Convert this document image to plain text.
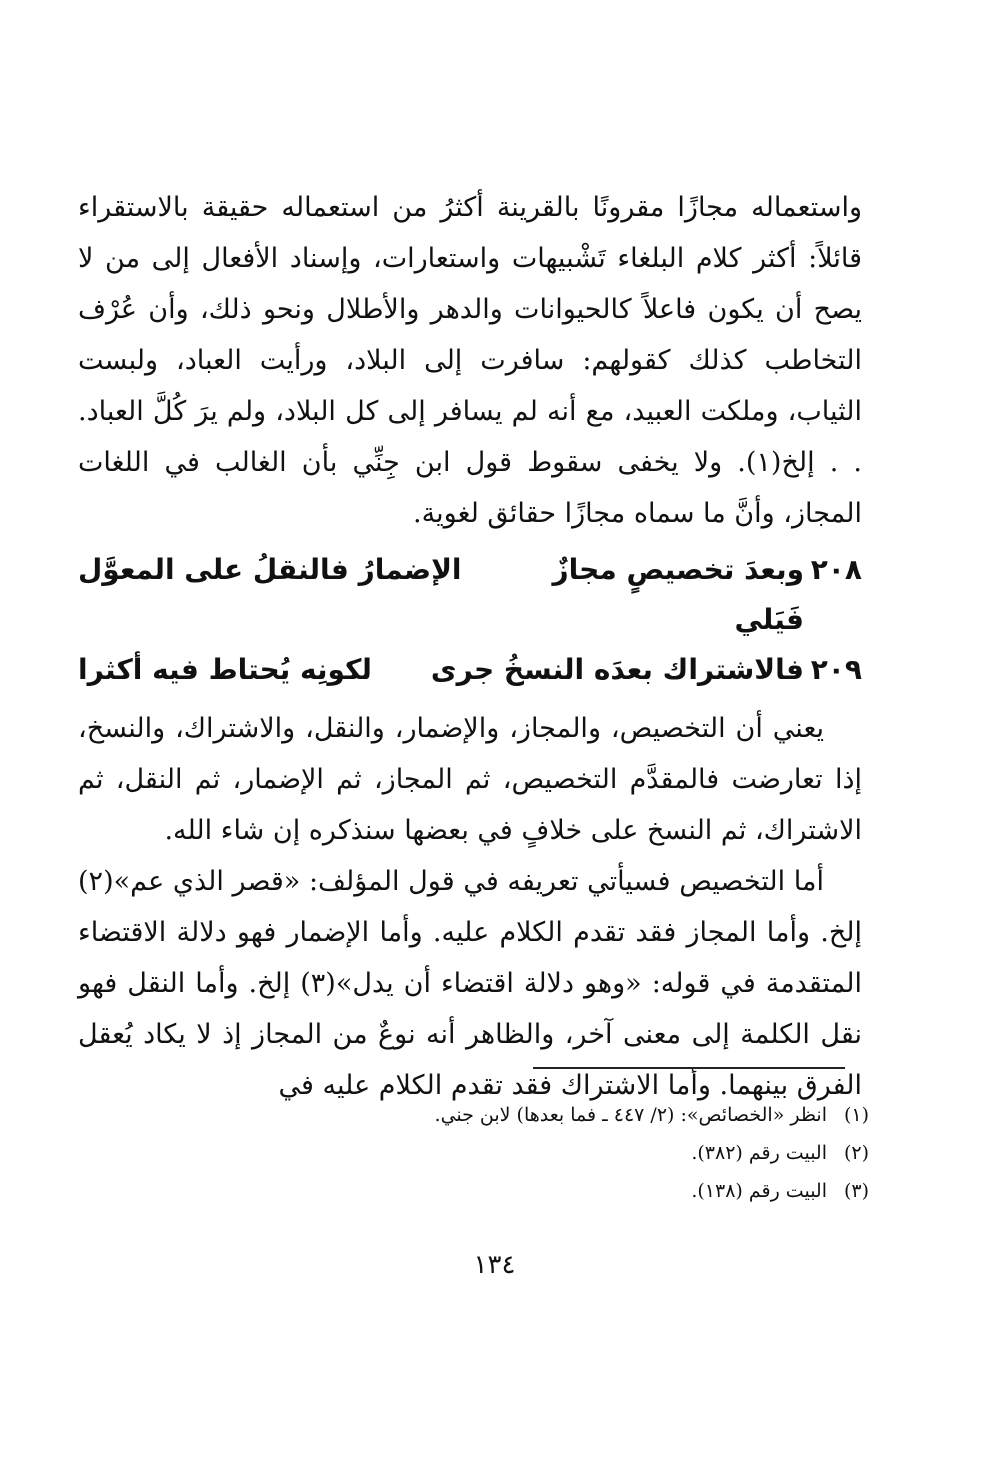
واستعماله مجازًا مقرونًا بالقرينة أكثرُ من استعماله حقيقة بالاستقراء قائلاً: أكثر كلام البلغاء تَشْبيهات واستعارات، وإسناد الأفعال إلى من لا يصح أن يكون فاعلاً كالحيوانات والدهر والأطلال ونحو ذلك، وأن عُرْف التخاطب كذلك كقولهم: سافرت إلى البلاد، ورأيت العباد، ولبست الثياب، وملكت العبيد، مع أنه لم يسافر إلى كل البلاد، ولم يرَ كُلَّ العباد. . . إلخ(١). ولا يخفى سقوط قول ابن جِنِّي بأن الغالب في اللغات المجاز، وأنَّ ما سماه مجازًا حقائق لغوية.

٢٠٨
وبعدَ تخصيصٍ مجازٌ فَيَلي
الإضمارُ فالنقلُ على المعوَّل
٢٠٩
فالاشتراك بعدَه النسخُ جرى
لكونِه يُحتاط فيه أكثرا

يعني أن التخصيص، والمجاز، والإضمار، والنقل، والاشتراك، والنسخ، إذا تعارضت فالمقدَّم التخصيص، ثم المجاز، ثم الإضمار، ثم النقل، ثم الاشتراك، ثم النسخ على خلافٍ في بعضها سنذكره إن شاء الله.

أما التخصيص فسيأتي تعريفه في قول المؤلف: «قصر الذي عم»(٢) إلخ. وأما المجاز فقد تقدم الكلام عليه. وأما الإضمار فهو دلالة الاقتضاء المتقدمة في قوله: «وهو دلالة اقتضاء أن يدل»(٣) إلخ. وأما النقل فهو نقل الكلمة إلى معنى آخر، والظاهر أنه نوعٌ من المجاز إذ لا يكاد يُعقل الفرق بينهما. وأما الاشتراك فقد تقدم الكلام عليه في

(١)
انظر «الخصائص»: (٢/ ٤٤٧ ـ فما بعدها) لابن جني.
(٢)
البيت رقم (٣٨٢).
(٣)
البيت رقم (١٣٨).
١٣٤
